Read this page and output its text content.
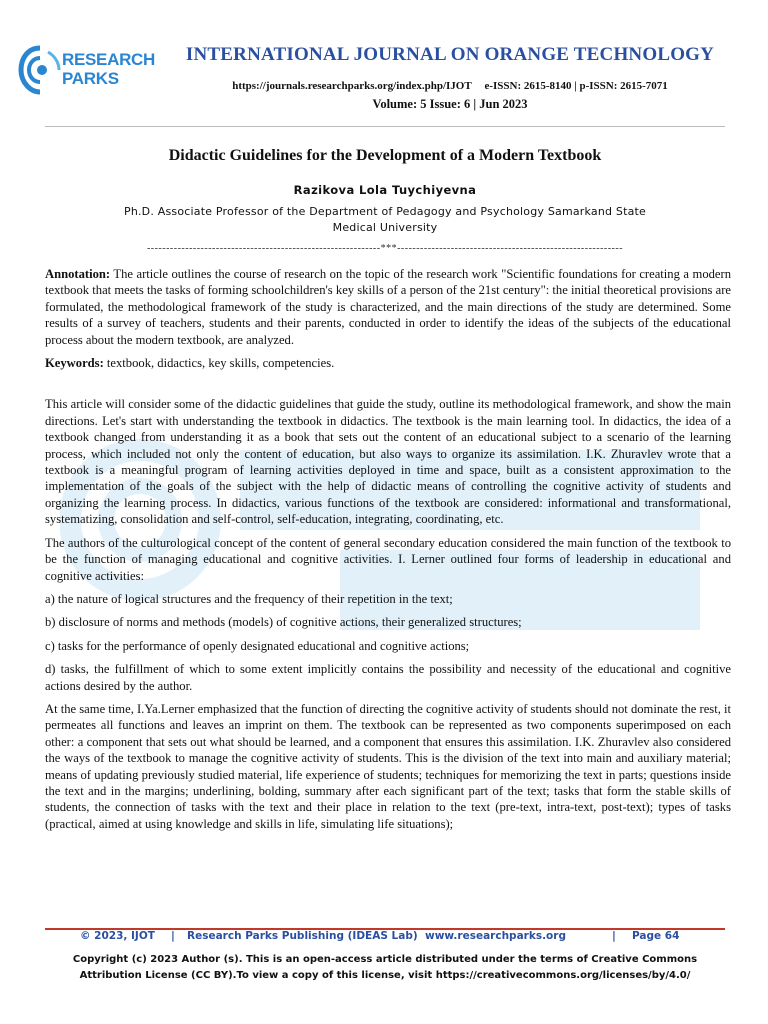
RESEARCH
PARKS
INTERNATIONAL JOURNAL ON ORANGE TECHNOLOGY
https://journals.researchparks.org/index.php/IJOT e-ISSN: 2615-8140 | p-ISSN: 2615-7071
Volume: 5 Issue: 6 | Jun 2023
Didactic Guidelines for the Development of a Modern Textbook
Razikova Lola Tuychiyevna
Ph.D. Associate Professor of the Department of Pedagogy and Psychology Samarkand State Medical University
-------------------------------------------------------------***-----------------------------------------------------------

Annotation: The article outlines the course of research on the topic of the research work "Scientific foundations for creating a modern textbook that meets the tasks of forming schoolchildren's key skills of a person of the 21st century": the initial theoretical provisions are formulated, the methodological framework of the study is characterized, and the main directions of the study are determined. Some results of a survey of teachers, students and their parents, conducted in order to identify the ideas of the subjects of the educational process about the modern textbook, are analyzed.

Keywords: textbook, didactics, key skills, competencies.

This article will consider some of the didactic guidelines that guide the study, outline its methodological framework, and show the main directions. Let's start with understanding the textbook in didactics. The textbook is the main learning tool. In didactics, the idea of a textbook changed from understanding it as a book that sets out the content of an educational subject to a scenario of the learning process, which included not only the content of education, but also ways to organize its assimilation. I.K. Zhuravlev wrote that a textbook is a meaningful program of learning activities deployed in time and space, built as a consistent approximation to the implementation of the goals of the subject with the help of didactic means of controlling the cognitive activity of students and organizing the learning process. In didactics, various functions of the textbook are considered: informational and transformational, systematizing, consolidation and self-control, self-education, integrating, coordinating, etc.

The authors of the culturological concept of the content of general secondary education considered the main function of the textbook to be the function of managing educational and cognitive activities. I. Lerner outlined four forms of leadership in educational and cognitive activities:

a) the nature of logical structures and the frequency of their repetition in the text;

b) disclosure of norms and methods (models) of cognitive actions, their generalized structures;

c) tasks for the performance of openly designated educational and cognitive actions;

d) tasks, the fulfillment of which to some extent implicitly contains the possibility and necessity of the educational and cognitive actions desired by the author.

At the same time, I.Ya.Lerner emphasized that the function of directing the cognitive activity of students should not dominate the rest, it permeates all functions and leaves an imprint on them. The textbook can be represented as two components superimposed on each other: a component that sets out what should be learned, and a component that ensures this assimilation. I.K. Zhuravlev also considered the ways of the textbook to manage the cognitive activity of students. This is the division of the text into main and auxiliary material; means of updating previously studied material, life experience of students; techniques for memorizing the text in parts; questions inside the text and in the margins; underlining, bolding, summary after each significant part of the text; tasks that form the stable skills of students, the connection of tasks with the text and their place in relation to the text (pre-text, intra-text, post-text); types of tasks (practical, aimed at using knowledge and skills in life, simulating life situations);

© 2023, IJOT | Research Parks Publishing (IDEAS Lab) www.researchparks.org	| Page 64
Copyright (c) 2023 Author (s). This is an open-access article distributed under the terms of Creative Commons Attribution License (CC BY).To view a copy of this license, visit https://creativecommons.org/licenses/by/4.0/
